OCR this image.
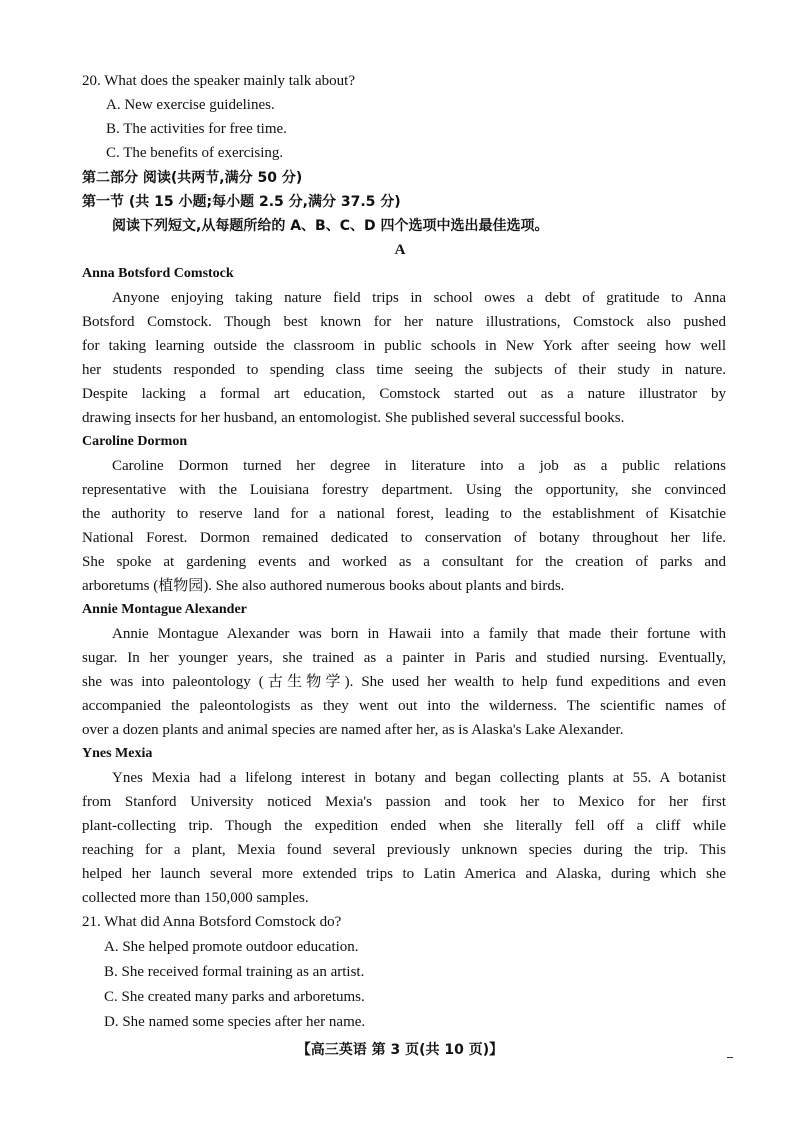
20. What does the speaker mainly talk about?
A. New exercise guidelines.
B. The activities for free time.
C. The benefits of exercising.
第二部分 阅读(共两节,满分 50 分)
第一节 (共 15 小题;每小题 2.5 分,满分 37.5 分)
阅读下列短文,从每题所给的 A、B、C、D 四个选项中选出最佳选项。
A
Anna Botsford Comstock
Anyone enjoying taking nature field trips in school owes a debt of gratitude to Anna
Botsford Comstock. Though best known for her nature illustrations, Comstock also pushed
for taking learning outside the classroom in public schools in New York after seeing how well
her students responded to spending class time seeing the subjects of their study in nature.
Despite lacking a formal art education, Comstock started out as a nature illustrator by
drawing insects for her husband, an entomologist. She published several successful books.
Caroline Dormon
Caroline Dormon turned her degree in literature into a job as a public relations
representative with the Louisiana forestry department. Using the opportunity, she convinced
the authority to reserve land for a national forest, leading to the establishment of Kisatchie
National Forest. Dormon remained dedicated to conservation of botany throughout her life.
She spoke at gardening events and worked as a consultant for the creation of parks and
arboretums (植物园). She also authored numerous books about plants and birds.
Annie Montague Alexander
Annie Montague Alexander was born in Hawaii into a family that made their fortune with
sugar. In her younger years, she trained as a painter in Paris and studied nursing. Eventually,
she was into paleontology (古生物学). She used her wealth to help fund expeditions and even
accompanied the paleontologists as they went out into the wilderness. The scientific names of
over a dozen plants and animal species are named after her, as is Alaska's Lake Alexander.
Ynes Mexia
Ynes Mexia had a lifelong interest in botany and began collecting plants at 55. A botanist
from Stanford University noticed Mexia's passion and took her to Mexico for her first
plant-collecting trip. Though the expedition ended when she literally fell off a cliff while
reaching for a plant, Mexia found several previously unknown species during the trip. This
helped her launch several more extended trips to Latin America and Alaska, during which she
collected more than 150,000 samples.
21. What did Anna Botsford Comstock do?
A. She helped promote outdoor education.
B. She received formal training as an artist.
C. She created many parks and arboretums.
D. She named some species after her name.
【高三英语 第 3 页(共 10 页)】
